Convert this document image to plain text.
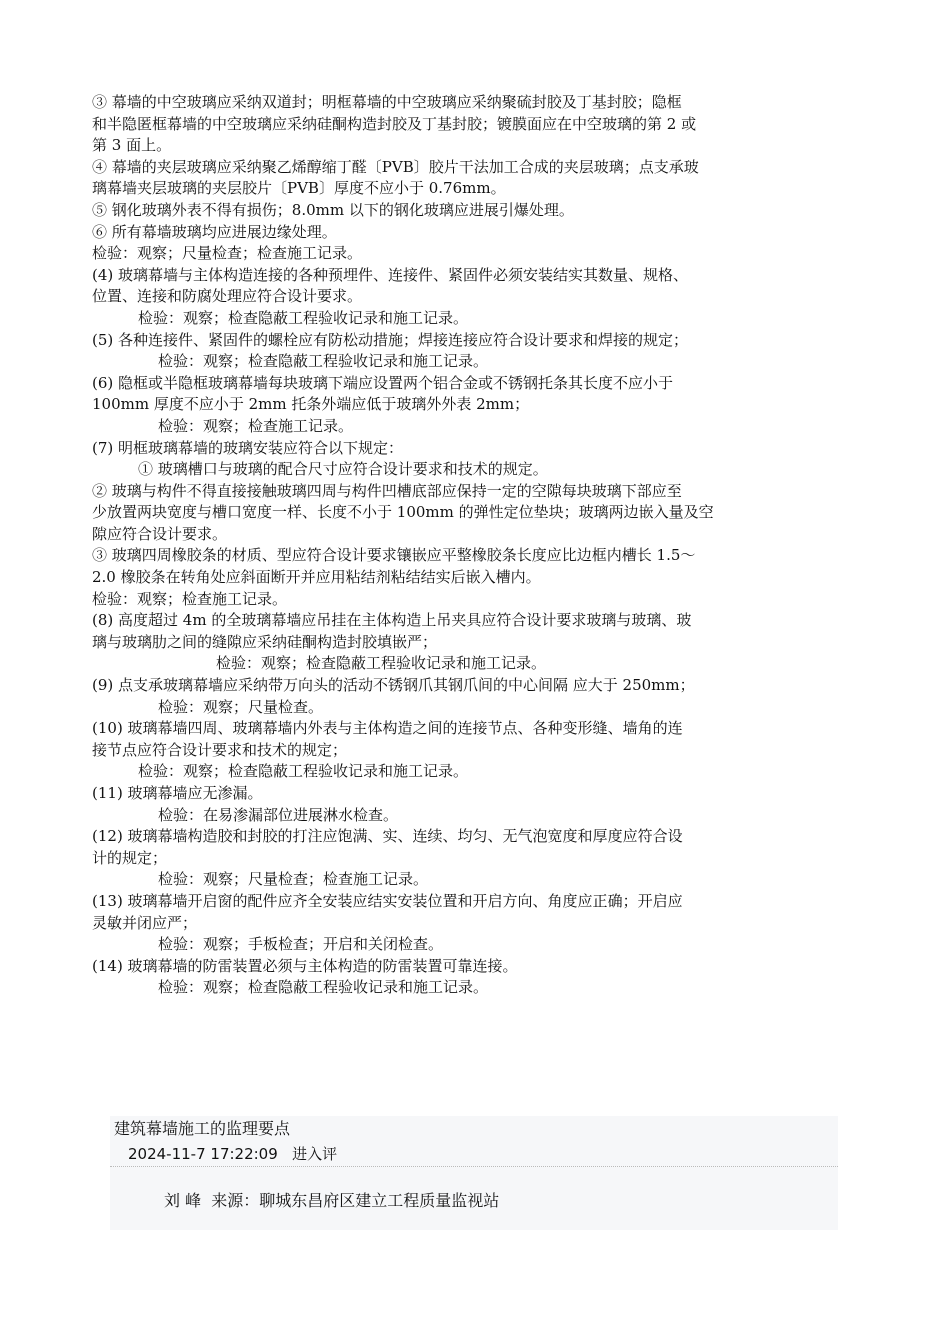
③ 幕墙的中空玻璃应采纳双道封；明框幕墙的中空玻璃应采纳聚硫封胶及丁基封胶；隐框
和半隐匿框幕墙的中空玻璃应采纳硅酮构造封胶及丁基封胶；镀膜面应在中空玻璃的第 2 或
第 3 面上。
④ 幕墙的夹层玻璃应采纳聚乙烯醇缩丁醛〔PVB〕胶片干法加工合成的夹层玻璃；点支承玻
璃幕墙夹层玻璃的夹层胶片〔PVB〕厚度不应小于 0.76mm。
⑤ 钢化玻璃外表不得有损伤；8.0mm 以下的钢化玻璃应进展引爆处理。
⑥ 所有幕墙玻璃均应进展边缘处理。
检验：观察；尺量检查；检查施工记录。
(4) 玻璃幕墙与主体构造连接的各种预埋件、连接件、紧固件必须安装结实其数量、规格、
位置、连接和防腐处理应符合设计要求。
检验：观察；检查隐蔽工程验收记录和施工记录。
(5) 各种连接件、紧固件的螺栓应有防松动措施；焊接连接应符合设计要求和焊接的规定；
检验：观察；检查隐蔽工程验收记录和施工记录。
(6) 隐框或半隐框玻璃幕墙每块玻璃下端应设置两个铝合金或不锈钢托条其长度不应小于
100mm 厚度不应小于 2mm 托条外端应低于玻璃外外表 2mm；
检验：观察；检查施工记录。
(7) 明框玻璃幕墙的玻璃安装应符合以下规定：
① 玻璃槽口与玻璃的配合尺寸应符合设计要求和技术的规定。
② 玻璃与构件不得直接接触玻璃四周与构件凹槽底部应保持一定的空隙每块玻璃下部应至
少放置两块宽度与槽口宽度一样、长度不小于 100mm 的弹性定位垫块；玻璃两边嵌入量及空
隙应符合设计要求。
③ 玻璃四周橡胶条的材质、型应符合设计要求镶嵌应平整橡胶条长度应比边框内槽长 1.5～
2.0 橡胶条在转角处应斜面断开并应用粘结剂粘结结实后嵌入槽内。
检验：观察；检查施工记录。
(8) 高度超过 4m 的全玻璃幕墙应吊挂在主体构造上吊夹具应符合设计要求玻璃与玻璃、玻
璃与玻璃肋之间的缝隙应采纳硅酮构造封胶填嵌严；
检验：观察；检查隐蔽工程验收记录和施工记录。
(9) 点支承玻璃幕墙应采纳带万向头的活动不锈钢爪其钢爪间的中心间隔 应大于 250mm；
检验：观察；尺量检查。
(10) 玻璃幕墙四周、玻璃幕墙内外表与主体构造之间的连接节点、各种变形缝、墙角的连
接节点应符合设计要求和技术的规定；
检验：观察；检查隐蔽工程验收记录和施工记录。
(11) 玻璃幕墙应无渗漏。
检验：在易渗漏部位进展淋水检查。
(12) 玻璃幕墙构造胶和封胶的打注应饱满、实、连续、均匀、无气泡宽度和厚度应符合设
计的规定；
检验：观察；尺量检查；检查施工记录。
(13) 玻璃幕墙开启窗的配件应齐全安装应结实安装位置和开启方向、角度应正确；开启应
灵敏并闭应严；
检验：观察；手板检查；开启和关闭检查。
(14) 玻璃幕墙的防雷装置必须与主体构造的防雷装置可靠连接。
检验：观察；检查隐蔽工程验收记录和施工记录。
建筑幕墙施工的监理要点
2024-11-7 17:22:09   进入评
刘 峰  来源：聊城东昌府区建立工程质量监视站
